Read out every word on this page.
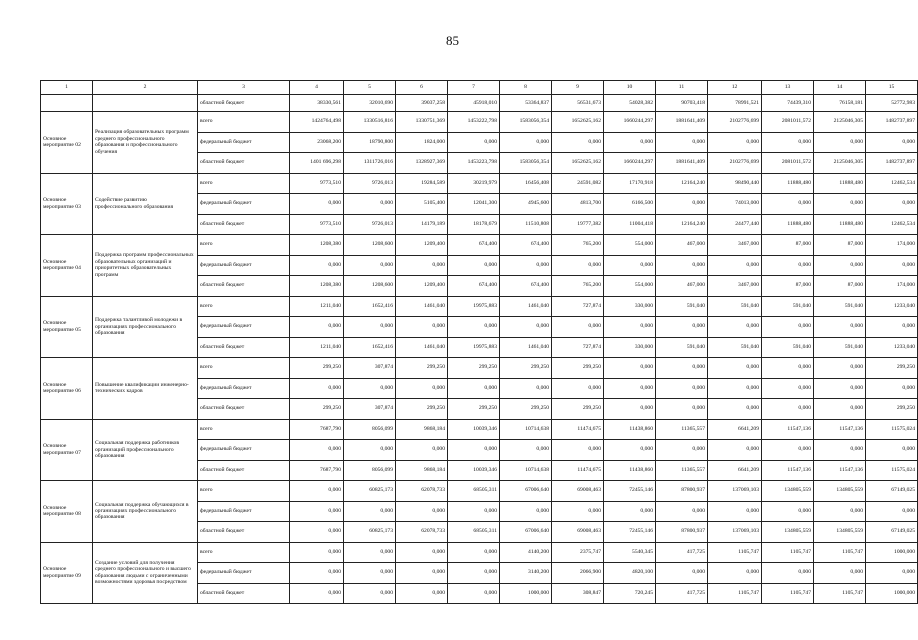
85
1	2	3	4	5	6	7	8	9	10	11	12	13	14	15
		областной бюджет	38330,561	32010,690	39037,258	45918,010	53364,837	56531,673	54028,382	90703,418	78991,521	74439,310	76158,181	52772,983
Основное мероприятие 02	Реализация образовательных программ среднего профессионального образования и профессионального обучения	всего	1424764,498	1330516,816	1330751,369	1453222,798	1583056,354	1652625,162	1660244,297	1881641,409	2102776,699	2081011,572	2125046,305	1482737,897
		федеральный бюджет	23068,200	18790,800	1824,000	0,000	0,000	0,000	0,000	0,000	0,000	0,000	0,000	0,000
		областной бюджет	1401 696,298	1311726,016	1328927,369	1453223,798	1583056,354	1652625,162	1660244,297	1881641,409	2102776,699	2081011,572	2125046,305	1482737,897
Основное мероприятие 03	Содействие развитию профессионального образования	всего	9773,510	9726,013	19284,589	30219,979	16456,408	24591,082	17170,918	12164,240	98490,440	11888,480	11888,480	12462,534
		федеральный бюджет	0,000	0,000	5105,400	12041,300	4945,600	4813,700	6166,500	0,000	74013,000	0,000	0,000	0,000
		областной бюджет	9773,510	9726,013	14179,189	18178,679	11510,808	19777,382	11004,418	12164,240	24477,440	11888,480	11888,480	12462,534
Основное мероприятие 04	Поддержка программ профессиональных образовательных организаций и приоритетных образовательных программ	всего	1208,380	1208,600	1209,400	674,400	674,400	765,200	554,000	467,000	3467,000	87,000	87,000	174,000
		федеральный бюджет	0,000	0,000	0,000	0,000	0,000	0,000	0,000	0,000	0,000	0,000	0,000	0,000
		областной бюджет	1208,380	1208,600	1209,400	674,400	674,400	765,200	554,000	467,000	3467,000	87,000	87,000	174,000
Основное мероприятие 05	Поддержка талантливой молодежи в организациях профессионального образования	всего	1211,040	1652,416	1461,040	19975,883	1461,040	727,874	330,000	591,040	591,040	591,040	591,040	1233,040
		федеральный бюджет	0,000	0,000	0,000	0,000	0,000	0,000	0,000	0,000	0,000	0,000	0,000	0,000
		областной бюджет	1211,040	1652,416	1461,040	19975,883	1461,040	727,874	330,000	591,040	591,040	591,040	591,040	1233,040
Основное мероприятие 06	Повышение квалификации инженерно- технических кадров	всего	299,250	307,874	299,250	299,250	299,250	299,250	0,000	0,000	0,000	0,000	0,000	299,250
		федеральный бюджет	0,000	0,000	0,000	0,000	0,000	0,000	0,000	0,000	0,000	0,000	0,000	0,000
		областной бюджет	299,250	307,874	299,250	299,250	299,250	299,250	0,000	0,000	0,000	0,000	0,000	299,250
Основное мероприятие 07	Социальная поддержка работников организаций профессионального образования	всего	7687,790	8056,099	9868,184	10039,346	10714,638	11474,675	11438,860	11365,557	6641,209	11547,136	11547,136	11575,024
		федеральный бюджет	0,000	0,000	0,000	0,000	0,000	0,000	0,000	0,000	0,000	0,000	0,000	0,000
		областной бюджет	7687,790	8056,099	9868,184	10039,346	10714,638	11474,675	11438,860	11365,557	6641,209	11547,136	11547,136	11575,024
Основное мероприятие 08	Социальная поддержка обучающихся в организациях профессионального образования	всего	0,000	60825,173	62078,733	68505,311	67006,640	69008,463	72455,146	87800,937	137069,103	134805,559	134805,559	67149,025
		федеральный бюджет	0,000	0,000	0,000	0,000	0,000	0,000	0,000	0,000	0,000	0,000	0,000	0,000
		областной бюджет	0,000	60825,173	62078,733	68505,311	67006,640	69008,463	72455,146	87800,937	137069,103	134805,559	134805,559	67149,025
Основное мероприятие 09	Создание условий для получения среднего профессионального и высшего образования людьми с ограниченными возможностями здоровья посредством	всего	0,000	0,000	0,000	0,000	4140,200	2375,747	5540,345	417,725	1105,747	1105,747	1105,747	1000,000
		федеральный бюджет	0,000	0,000	0,000	0,000	3140,200	2066,900	4820,100	0,000	0,000	0,000	0,000	0,000
		областной бюджет	0,000	0,000	0,000	0,000	1000,000	308,847	720,245	417,725	1105,747	1105,747	1105,747	1000,000
